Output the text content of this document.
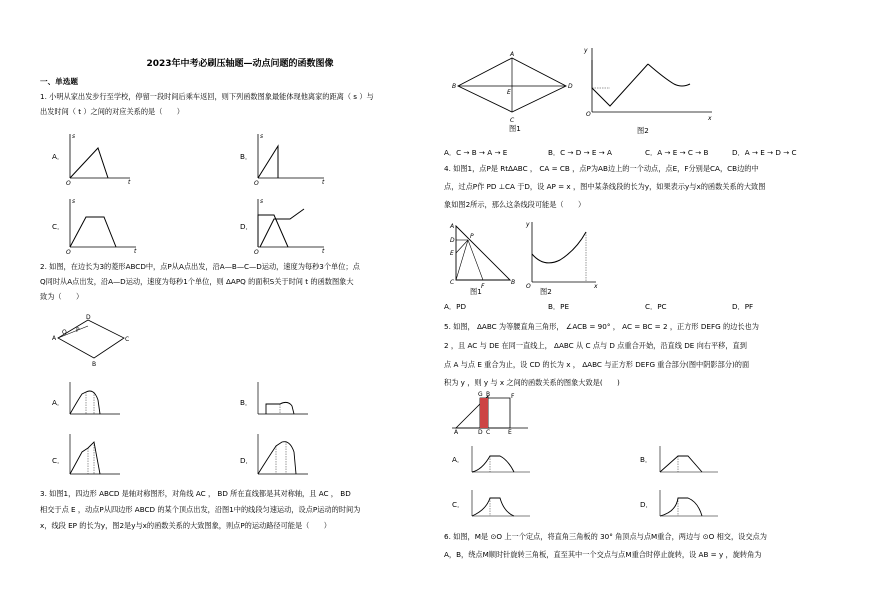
2023年中考必刷压轴题—动点问题的函数图像
一、单选题
1. 小明从家出发步行至学校，停留一段时间后乘车返回，则下列函数图象最能体现他离家的距离（ s ）与
出发时间（ t ）之间的对应关系的是（　　）
A．
O
s
t
B．
O
s
t
C．
O
s
t
D．
O
s
t
2. 如图，在边长为3的菱形ABCD中，点P从A点出发，沿A—B—C—D运动，速度为每秒3个单位；点
Q同时从A点出发，沿A—D运动，速度为每秒1个单位，则 ΔAPQ 的面积S关于时间 t 的函数图象大
致为（　　）
A
D
C
B
Q P
A．	B．
C．	D．
3. 如图1，四边形 ABCD 是轴对称图形，对角线 AC ， BD 所在直线都是其对称轴，且 AC ， BD
相交于点 E ，动点P从四边形 ABCD 的某个顶点出发，沿图1中的线段匀速运动，设点P运动的时间为
x，线段 EP 的长为y，图2是y与x的函数关系的大致图象，则点P的运动路径可能是（　　）
A
B	D
C
E
图1
y
O
x
图2
A．C → B → A → E	B．C → D → E → A	C．A → E → C → B	D．A → E → D → C
4. 如图1，点P是 Rt∆ABC ， CA = CB ，点P为AB边上的一个动点，点E，F分别是CA，CB边的中
点，过点P作 PD ⊥CA 于D，设 AP = x ，图中某条线段的长为y，如果表示y与x的函数关系的大致图
象如图2所示，那么这条线段可能是（　　）
A
D
P
E
C
F
B
图1
y
O	x
图2
A．PD	B．PE	C．PC	D．PF
5. 如图， ΔABC 为等腰直角三角形， ∠ACB = 90° ， AC = BC = 2 ，正方形 DEFG 的边长也为
2 ，且 AC 与 DE 在同一直线上， ΔABC 从 C 点与 D 点重合开始，沿直线 DE 向右平移，直到
点 A 与点 E 重合为止，设 CD 的长为 x ， ΔABC 与正方形 DEFG 重合部分(图中阴影部分)的面
积为 y ，则 y 与 x 之间的函数关系的图象大致是(　　)
G B	F
A	D C	E
A．	B．
C．	D．
6. 如图，M是 ⊙O 上一个定点，将直角三角板的 30° 角顶点与点M重合，两边与 ⊙O 相交，设交点为
A，B，绕点M顺时针旋转三角板，直至其中一个交点与点M重合时停止旋转，设 AB = y ，旋转角为
